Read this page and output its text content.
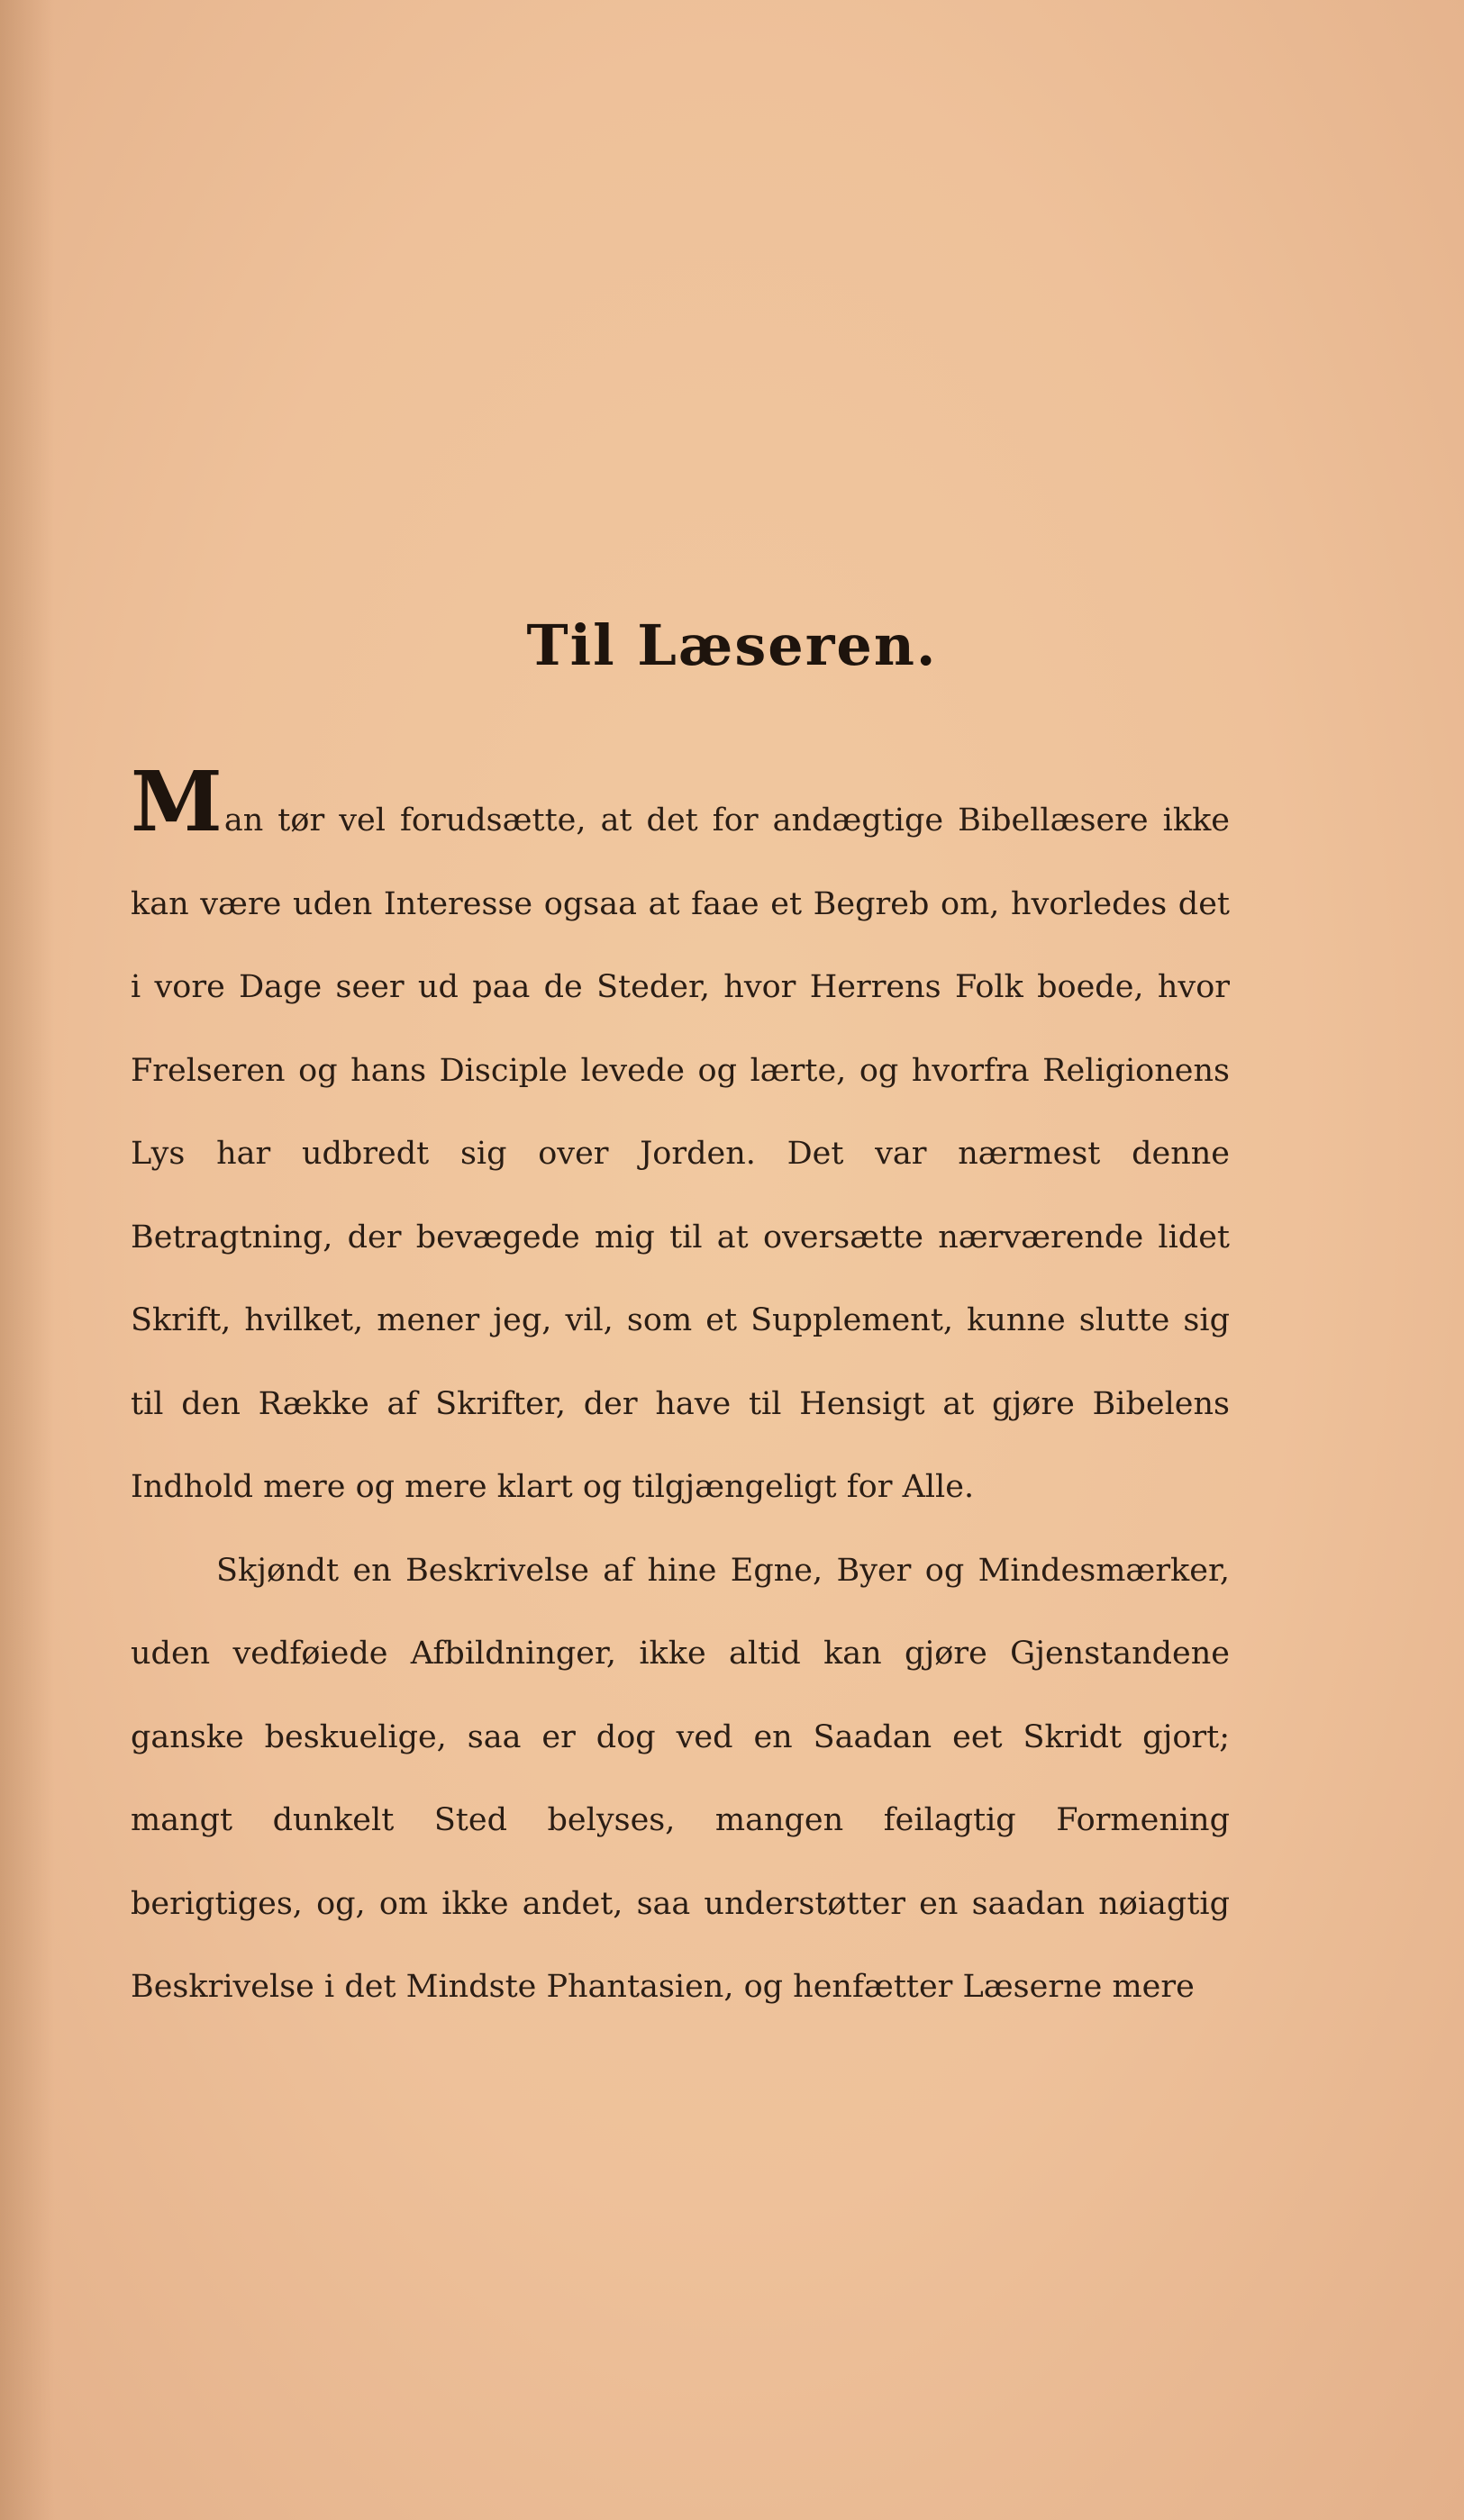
Til Læseren.

Man tør vel forudsætte, at det for andægtige Bibellæsere ikke kan være uden Interesse ogsaa at faae et Begreb om, hvorledes det i vore Dage seer ud paa de Steder, hvor Herrens Folk boede, hvor Frelseren og hans Disciple levede og lærte, og hvorfra Religionens Lys har udbredt sig over Jorden. Det var nærmest denne Betragtning, der bevægede mig til at oversætte nærværende lidet Skrift, hvilket, mener jeg, vil, som et Supplement, kunne slutte sig til den Række af Skrifter, der have til Hensigt at gjøre Bibelens Indhold mere og mere klart og tilgjængeligt for Alle.

Skjøndt en Beskrivelse af hine Egne, Byer og Mindesmærker, uden vedføiede Afbildninger, ikke altid kan gjøre Gjenstandene ganske beskuelige, saa er dog ved en Saadan eet Skridt gjort; mangt dunkelt Sted belyses, mangen feilagtig Formening berigtiges, og, om ikke andet, saa understøtter en saadan nøiagtig Beskrivelse i det Mindste Phantasien, og henfætter Læserne mere
